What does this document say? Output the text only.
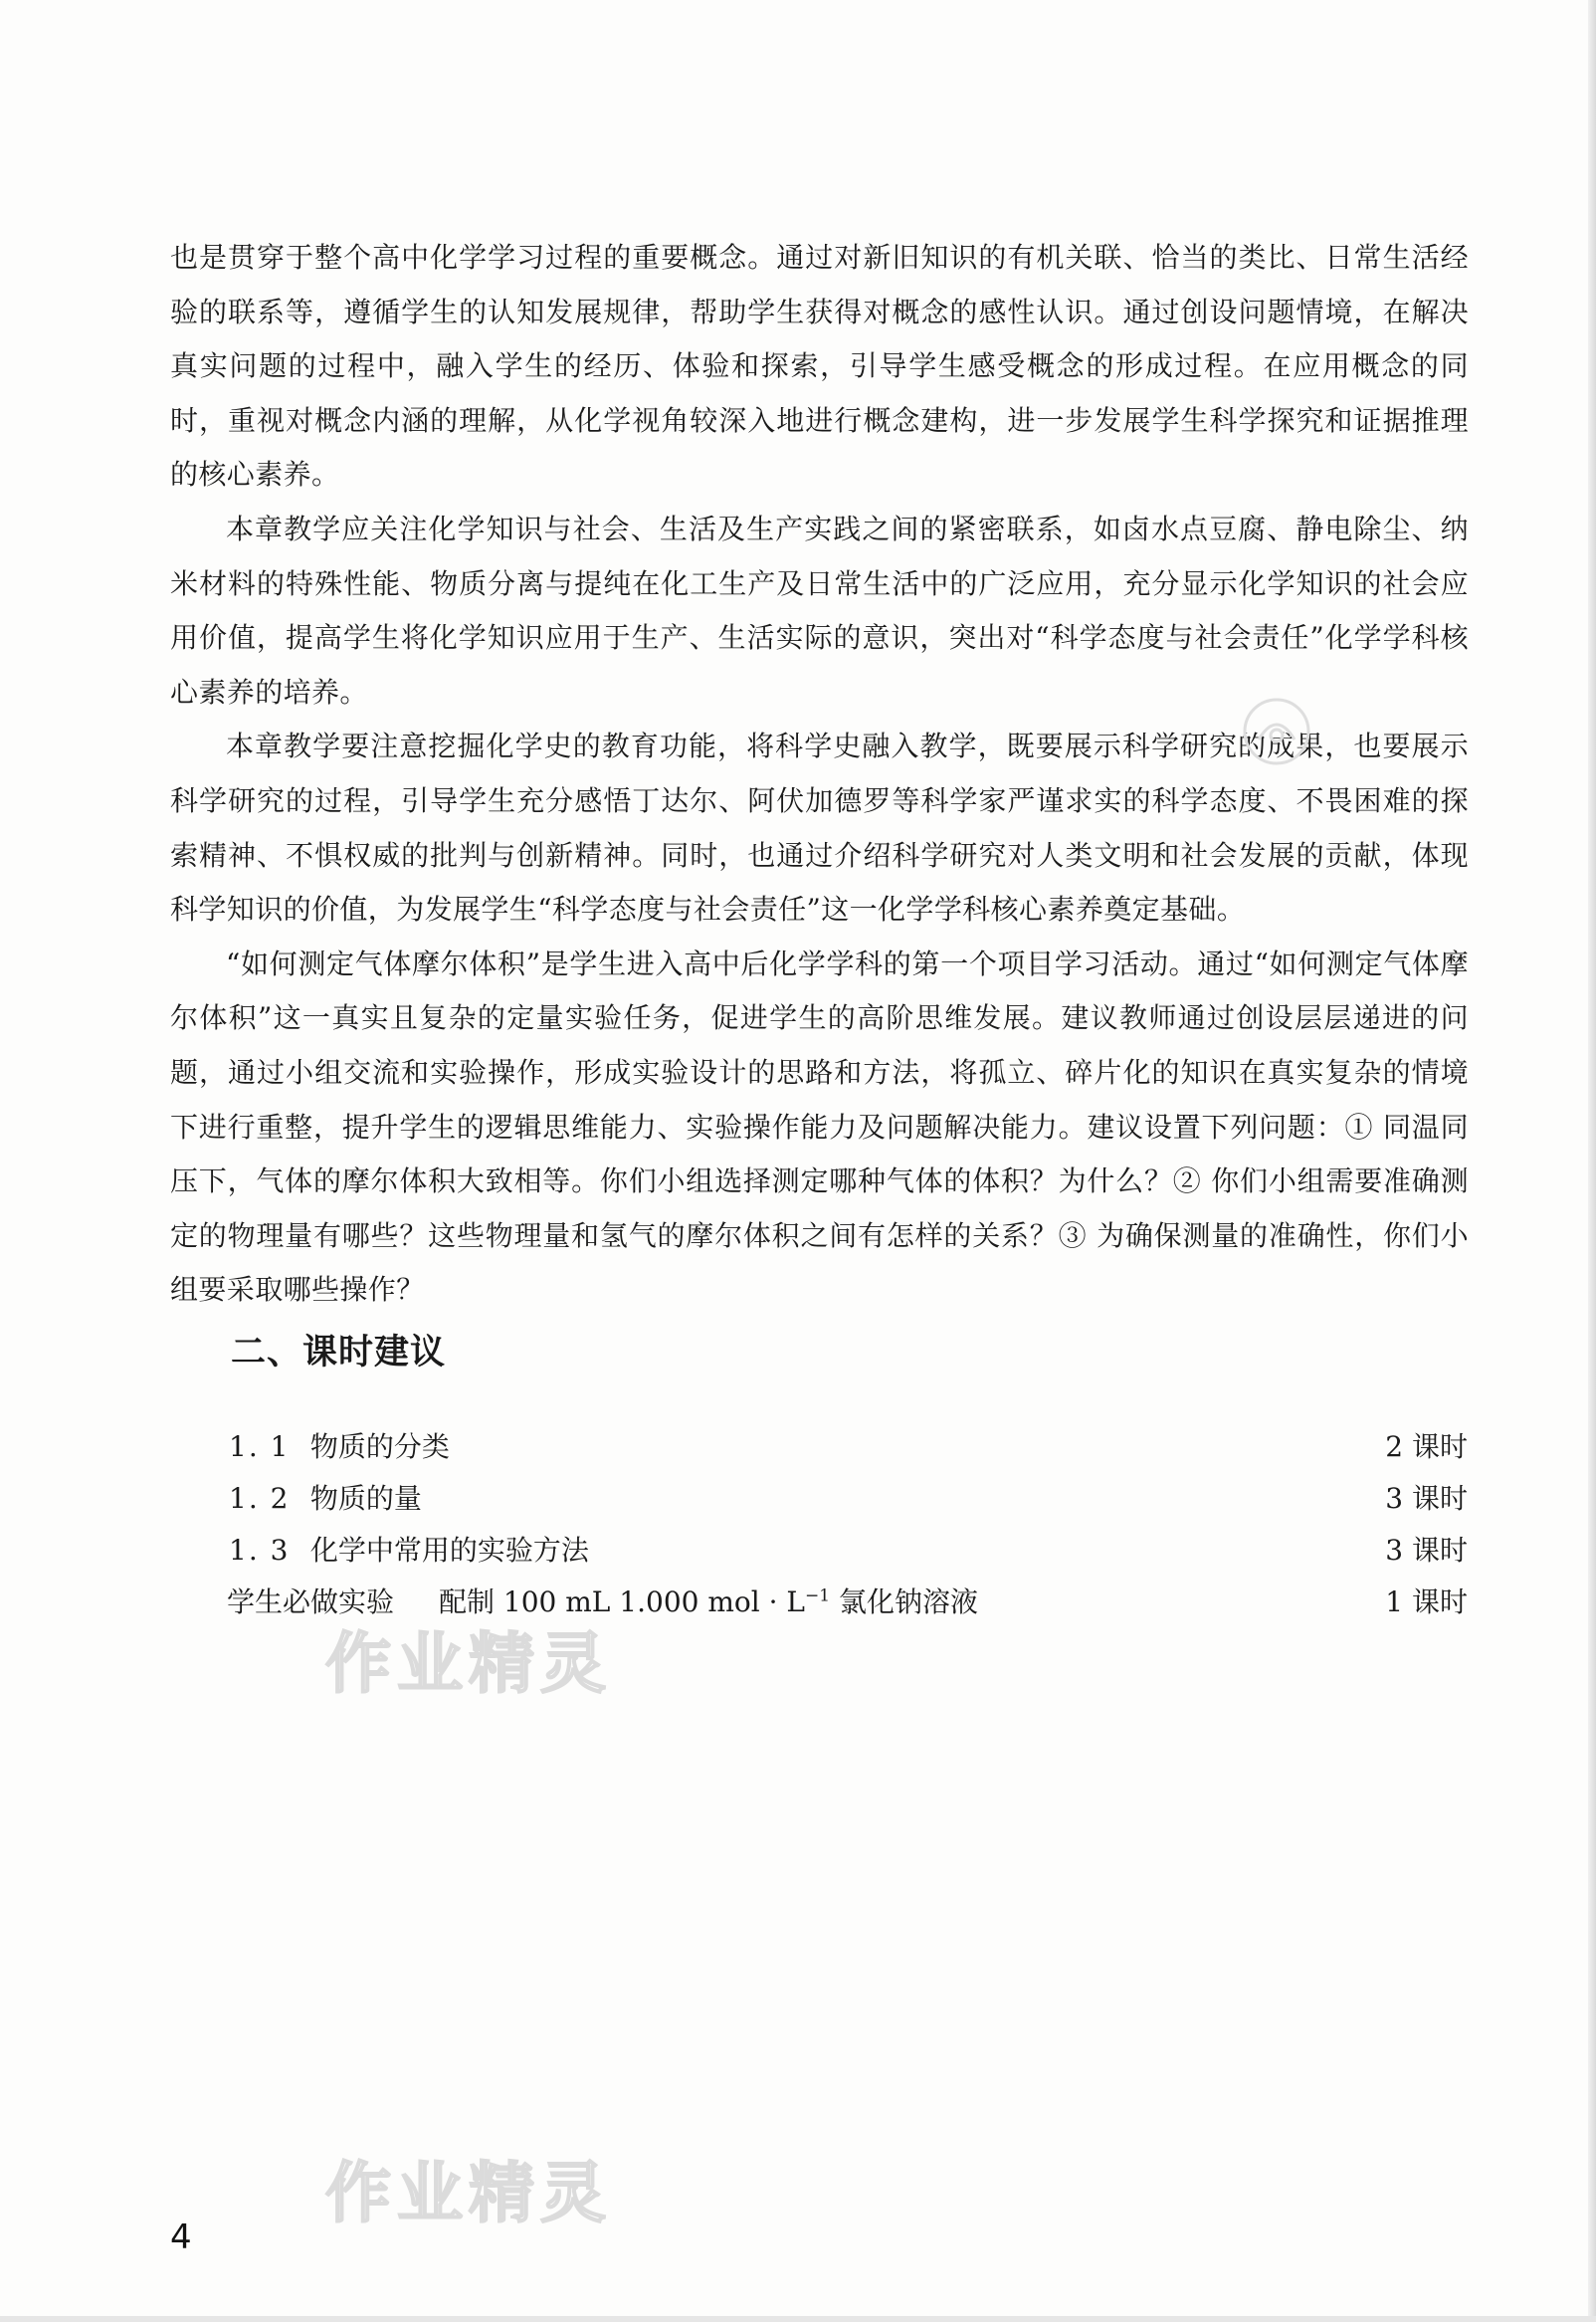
也是贯穿于整个高中化学学习过程的重要概念。通过对新旧知识的有机关联、恰当的类比、日常生活经验的联系等，遵循学生的认知发展规律，帮助学生获得对概念的感性认识。通过创设问题情境，在解决真实问题的过程中，融入学生的经历、体验和探索，引导学生感受概念的形成过程。在应用概念的同时，重视对概念内涵的理解，从化学视角较深入地进行概念建构，进一步发展学生科学探究和证据推理的核心素养。

本章教学应关注化学知识与社会、生活及生产实践之间的紧密联系，如卤水点豆腐、静电除尘、纳米材料的特殊性能、物质分离与提纯在化工生产及日常生活中的广泛应用，充分显示化学知识的社会应用价值，提高学生将化学知识应用于生产、生活实际的意识，突出对“科学态度与社会责任”化学学科核心素养的培养。

本章教学要注意挖掘化学史的教育功能，将科学史融入教学，既要展示科学研究的成果，也要展示科学研究的过程，引导学生充分感悟丁达尔、阿伏加德罗等科学家严谨求实的科学态度、不畏困难的探索精神、不惧权威的批判与创新精神。同时，也通过介绍科学研究对人类文明和社会发展的贡献，体现科学知识的价值，为发展学生“科学态度与社会责任”这一化学学科核心素养奠定基础。

“如何测定气体摩尔体积”是学生进入高中后化学学科的第一个项目学习活动。通过“如何测定气体摩尔体积”这一真实且复杂的定量实验任务，促进学生的高阶思维发展。建议教师通过创设层层递进的问题，通过小组交流和实验操作，形成实验设计的思路和方法，将孤立、碎片化的知识在真实复杂的情境下进行重整，提升学生的逻辑思维能力、实验操作能力及问题解决能力。建议设置下列问题：① 同温同压下，气体的摩尔体积大致相等。你们小组选择测定哪种气体的体积？为什么？② 你们小组需要准确测定的物理量有哪些？这些物理量和氢气的摩尔体积之间有怎样的关系？③ 为确保测量的准确性，你们小组要采取哪些操作？

二、课时建议
1. 1 物质的分类	2 课时
1. 2 物质的量	3 课时
1. 3 化学中常用的实验方法	3 课时
学生必做实验 配制 100 mL 1.000 mol · $L^{-1}$ 氯化钠溶液	1 课时
作业精灵
作业精灵
4
